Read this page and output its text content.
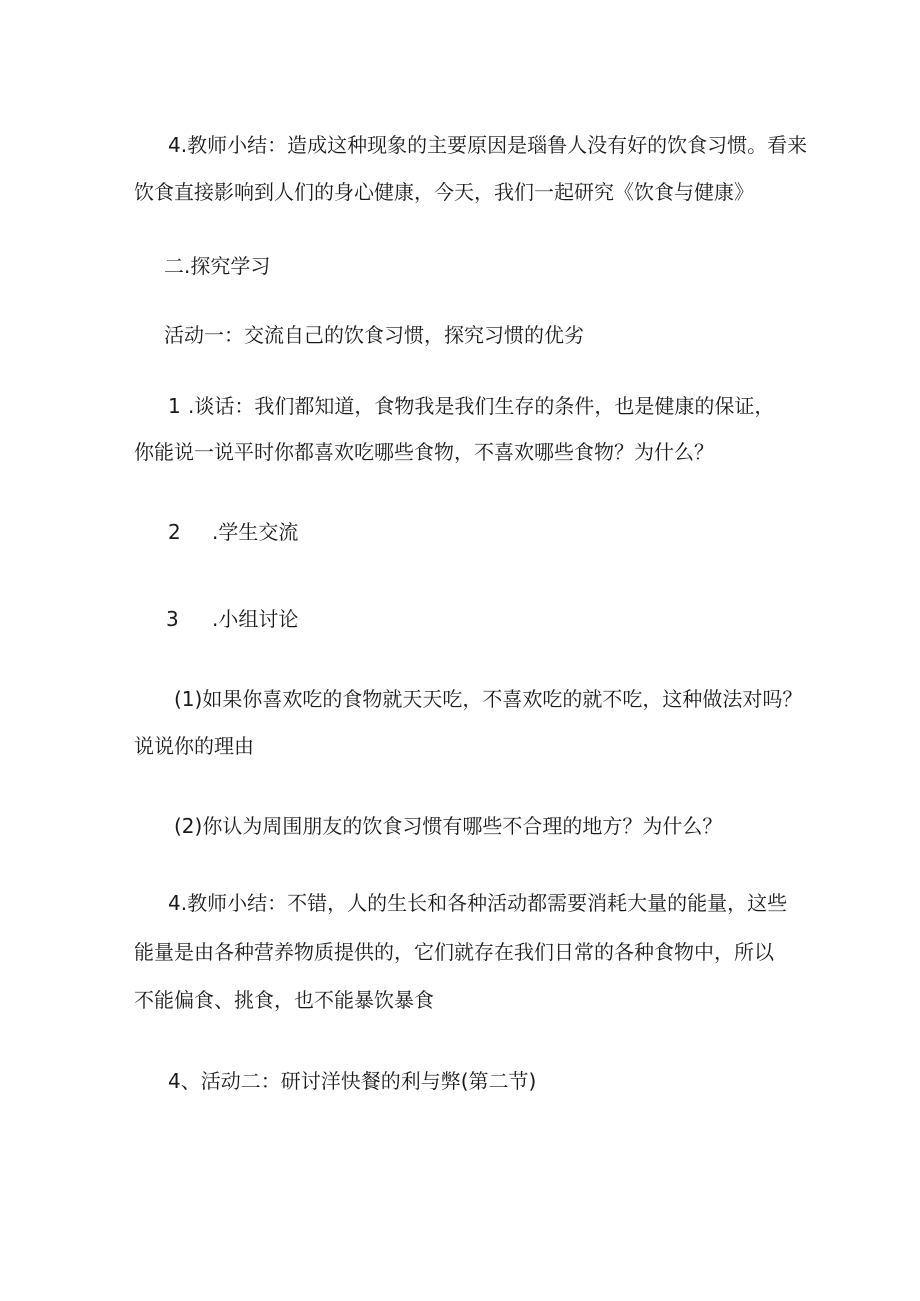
4.教师小结：造成这种现象的主要原因是瑙鲁人没有好的饮食习惯。看来
饮食直接影响到人们的身心健康，今天，我们一起研究《饮食与健康》
二.探究学习
活动一：交流自己的饮食习惯，探究习惯的优劣
1 .谈话：我们都知道，食物我是我们生存的条件，也是健康的保证，
你能说一说平时你都喜欢吃哪些食物，不喜欢哪些食物？为什么？
2 .学生交流
3 .小组讨论
(1)如果你喜欢吃的食物就天天吃，不喜欢吃的就不吃，这种做法对吗？
说说你的理由
(2)你认为周围朋友的饮食习惯有哪些不合理的地方？为什么？
4.教师小结：不错，人的生长和各种活动都需要消耗大量的能量，这些
能量是由各种营养物质提供的，它们就存在我们日常的各种食物中，所以
不能偏食、挑食，也不能暴饮暴食
4、活动二：研讨洋快餐的利与弊(第二节)
